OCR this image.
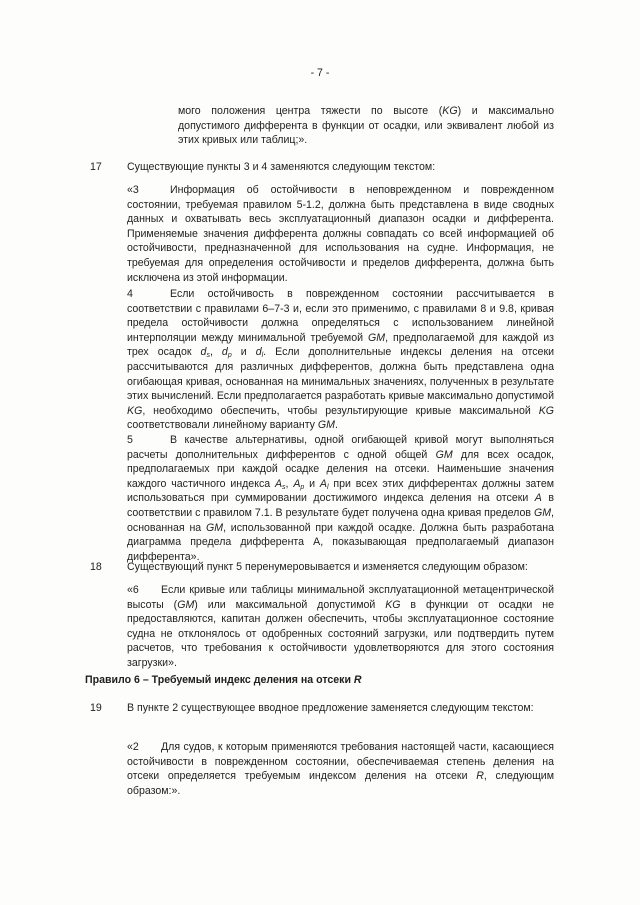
- 7 -
мого положения центра тяжести по высоте (KG) и максимально допустимого дифферента в функции от осадки, или эквивалент любой из этих кривых или таблиц;».
17 Существующие пункты 3 и 4 заменяются следующим текстом:
«3	Информация об остойчивости в неповрежденном и поврежденном состоянии, требуемая правилом 5-1.2, должна быть представлена в виде сводных данных и охватывать весь эксплуатационный диапазон осадки и дифферента. Применяемые значения дифферента должны совпадать со всей информацией об остойчивости, предназначенной для использования на судне. Информация, не требуемая для определения остойчивости и пределов дифферента, должна быть исключена из этой информации.
4	Если остойчивость в поврежденном состоянии рассчитывается в соответствии с правилами 6–7-3 и, если это применимо, с правилами 8 и 9.8, кривая предела остойчивости должна определяться с использованием линейной интерполяции между минимальной требуемой GM, предполагаемой для каждой из трех осадок $d_s$, $d_p$ и $d_l$. Если дополнительные индексы деления на отсеки рассчитываются для различных дифферентов, должна быть представлена одна огибающая кривая, основанная на минимальных значениях, полученных в результате этих вычислений. Если предполагается разработать кривые максимально допустимой KG, необходимо обеспечить, чтобы результирующие кривые максимальной KG соответствовали линейному варианту GM.
5	В качестве альтернативы, одной огибающей кривой могут выполняться расчеты дополнительных дифферентов с одной общей GM для всех осадок, предполагаемых при каждой осадке деления на отсеки. Наименьшие значения каждого частичного индекса $A_s$, $A_p$ и $A_l$ при всех этих дифферентах должны затем использоваться при суммировании достижимого индекса деления на отсеки A в соответствии с правилом 7.1. В результате будет получена одна кривая пределов GM, основанная на GM, использованной при каждой осадке. Должна быть разработана диаграмма предела дифферента А, показывающая предполагаемый диапазон дифферента».
18 Существующий пункт 5 перенумеровывается и изменяется следующим образом:
«6 Если кривые или таблицы минимальной эксплуатационной метацентрической высоты (GM) или максимальной допустимой KG в функции от осадки не предоставляются, капитан должен обеспечить, чтобы эксплуатационное состояние судна не отклонялось от одобренных состояний загрузки, или подтвердить путем расчетов, что требования к остойчивости удовлетворяются для этого состояния загрузки».
Правило 6 – Требуемый индекс деления на отсеки R
19 В пункте 2 существующее вводное предложение заменяется следующим текстом:
«2 Для судов, к которым применяются требования настоящей части, касающиеся остойчивости в поврежденном состоянии, обеспечиваемая степень деления на отсеки определяется требуемым индексом деления на отсеки R, следующим образом:».
